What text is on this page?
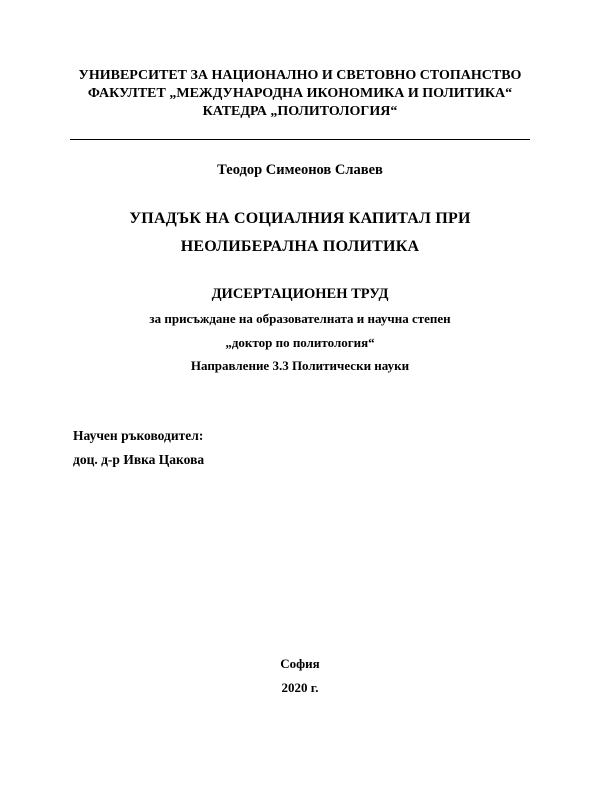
УНИВЕРСИТЕТ ЗА НАЦИОНАЛНО И СВЕТОВНО СТОПАНСТВО
ФАКУЛТЕТ „МЕЖДУНАРОДНА ИКОНОМИКА И ПОЛИТИКА“
КАТЕДРА „ПОЛИТОЛОГИЯ“
Теодор Симеонов Славев
УПАДЪК НА СОЦИАЛНИЯ КАПИТАЛ ПРИ
НЕОЛИБЕРАЛНА ПОЛИТИКА
ДИСЕРТАЦИОНЕН ТРУД
за присъждане на образователната и научна степен
„доктор по политология“
Направление 3.3 Политически науки
Научен ръководител:
доц. д-р Ивка Цакова
София
2020 г.
